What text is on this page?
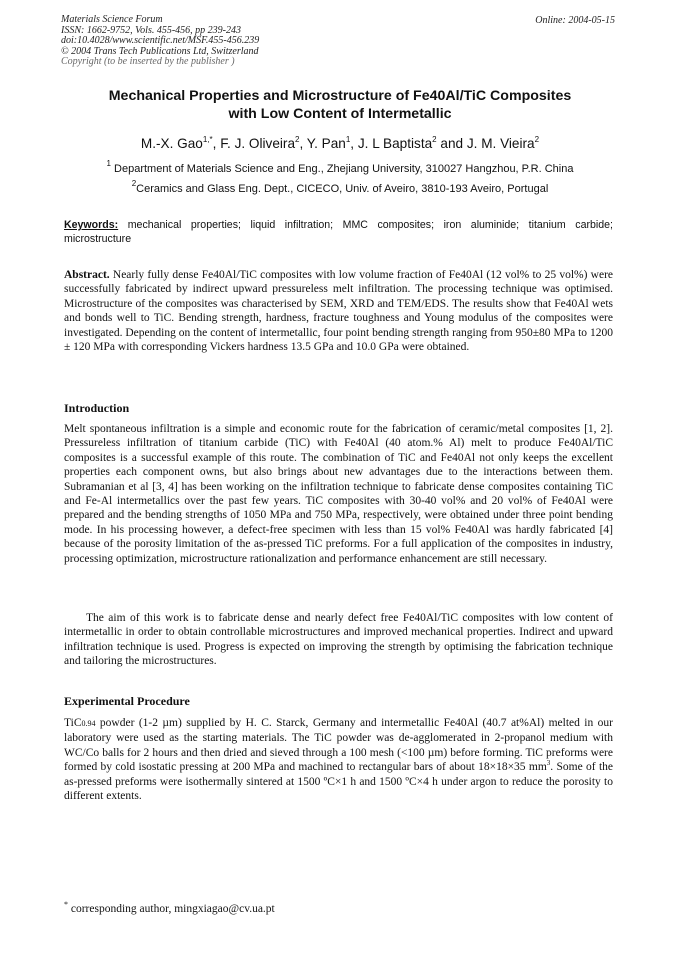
Materials Science Forum
ISSN: 1662-9752, Vols. 455-456, pp 239-243
doi:10.4028/www.scientific.net/MSF.455-456.239
© 2004 Trans Tech Publications Ltd, Switzerland
Copyright (to be inserted by the publisher )
Online: 2004-05-15
Mechanical Properties and Microstructure of Fe40Al/TiC Composites
with Low Content of Intermetallic

M.-X. Gao$^{1,*}$, F. J. Oliveira$^2$, Y. Pan$^1$, J. L Baptista$^2$ and J. M. Vieira$^2$

$^1$ Department of Materials Science and Eng., Zhejiang University, 310027 Hangzhou, P.R. China

$^2$Ceramics and Glass Eng. Dept., CICECO, Univ. of Aveiro, 3810-193 Aveiro, Portugal

Keywords: mechanical properties; liquid infiltration; MMC composites; iron aluminide; titanium carbide; microstructure

Abstract. Nearly fully dense Fe40Al/TiC composites with low volume fraction of Fe40Al (12 vol% to 25 vol%) were successfully fabricated by indirect upward pressureless melt infiltration. The processing technique was optimised. Microstructure of the composites was characterised by SEM, XRD and TEM/EDS. The results show that Fe40Al wets and bonds well to TiC. Bending strength, hardness, fracture toughness and Young modulus of the composites were investigated. Depending on the content of intermetallic, four point bending strength ranging from 950±80 MPa to 1200 ± 120 MPa with corresponding Vickers hardness 13.5 GPa and 10.0 GPa were obtained.

Introduction

Melt spontaneous infiltration is a simple and economic route for the fabrication of ceramic/metal composites [1, 2]. Pressureless infiltration of titanium carbide (TiC) with Fe40Al (40 atom.% Al) melt to produce Fe40Al/TiC composites is a successful example of this route. The combination of TiC and Fe40Al not only keeps the excellent properties each component owns, but also brings about new advantages due to the interactions between them. Subramanian et al [3, 4] has been working on the infiltration technique to fabricate dense composites containing TiC and Fe-Al intermetallics over the past few years. TiC composites with 30-40 vol% and 20 vol% of Fe40Al were prepared and the bending strengths of 1050 MPa and 750 MPa, respectively, were obtained under three point bending mode. In his processing however, a defect-free specimen with less than 15 vol% Fe40Al was hardly fabricated [4] because of the porosity limitation of the as-pressed TiC preforms. For a full application of the composites in industry, processing optimization, microstructure rationalization and performance enhancement are still necessary.

The aim of this work is to fabricate dense and nearly defect free Fe40Al/TiC composites with low content of intermetallic in order to obtain controllable microstructures and improved mechanical properties. Indirect and upward infiltration technique is used. Progress is expected on improving the strength by optimising the fabrication technique and tailoring the microstructures.

Experimental Procedure

TiC0.94 powder (1-2 µm) supplied by H. C. Starck, Germany and intermetallic Fe40Al (40.7 at%Al) melted in our laboratory were used as the starting materials. The TiC powder was de-agglomerated in 2-propanol medium with WC/Co balls for 2 hours and then dried and sieved through a 100 mesh (<100 µm) before forming. TiC preforms were formed by cold isostatic pressing at 200 MPa and machined to rectangular bars of about 18×18×35 $mm^3$. Some of the as-pressed preforms were isothermally sintered at 1500 ºC×1 h and 1500 ºC×4 h under argon to reduce the porosity to different extents.

* corresponding author, mingxiagao@cv.ua.pt
